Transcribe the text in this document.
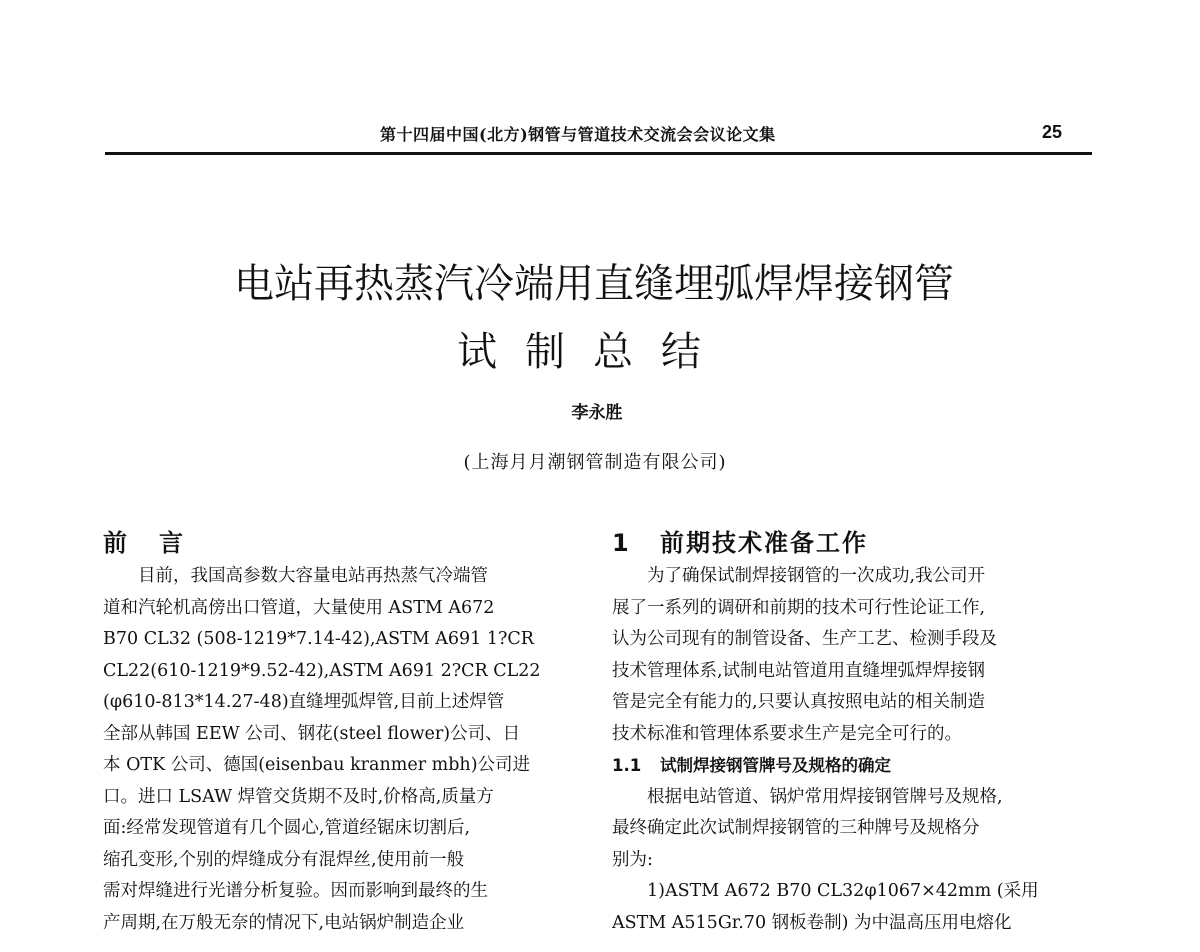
第十四届中国(北方)钢管与管道技术交流会会议论文集	25
电站再热蒸汽冷端用直缝埋弧焊焊接钢管
试制总结
李永胜
(上海月月潮钢管制造有限公司)
前言
目前，我国高参数大容量电站再热蒸气冷端管
道和汽轮机高傍出口管道，大量使用 ASTM A672
B70 CL32 (508-1219*7.14-42),ASTM A691 1?CR
CL22(610-1219*9.52-42),ASTM A691 2?CR CL22
(φ610-813*14.27-48)直缝埋弧焊管,目前上述焊管
全部从韩国 EEW 公司、钢花(steel flower)公司、日
本 OTK 公司、德国(eisenbau kranmer mbh)公司进
口。进口 LSAW 焊管交货期不及时,价格高,质量方
面:经常发现管道有几个圆心,管道经锯床切割后,
缩孔变形,个别的焊缝成分有混焊丝,使用前一般
需对焊缝进行光谱分析复验。因而影响到最终的生
产周期,在万般无奈的情况下,电站锅炉制造企业
1 前期技术准备工作
为了确保试制焊接钢管的一次成功,我公司开
展了一系列的调研和前期的技术可行性论证工作,
认为公司现有的制管设备、生产工艺、检测手段及
技术管理体系,试制电站管道用直缝埋弧焊焊接钢
管是完全有能力的,只要认真按照电站的相关制造
技术标准和管理体系要求生产是完全可行的。
1.1 试制焊接钢管牌号及规格的确定
根据电站管道、锅炉常用焊接钢管牌号及规格,
最终确定此次试制焊接钢管的三种牌号及规格分
别为:
1)ASTM A672 B70 CL32φ1067×42mm (采用
ASTM A515Gr.70 钢板卷制) 为中温高压用电熔化
